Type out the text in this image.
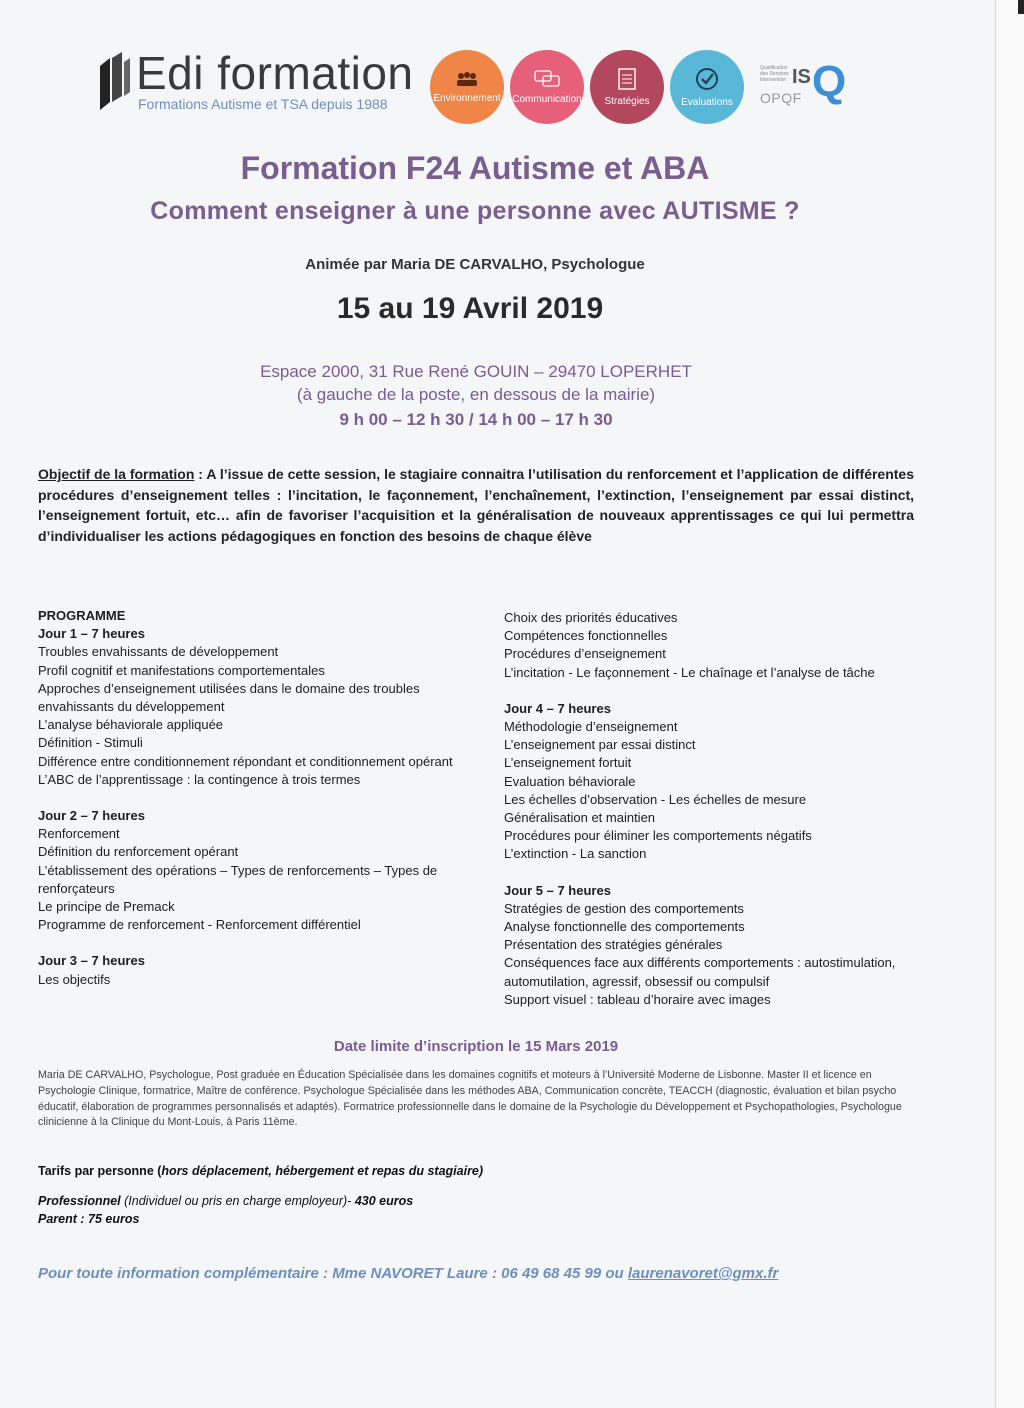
Edi formation
Formations Autisme et TSA depuis 1988	Environnement Communication Stratégies	Evaluations
Qualification des Services Intervention IS
OPQF Q
Formation F24 Autisme et ABA
Comment enseigner à une personne avec AUTISME ?
Animée par Maria DE CARVALHO, Psychologue
15 au 19 Avril 2019
Espace 2000, 31 Rue René GOUIN – 29470 LOPERHET
(à gauche de la poste, en dessous de la mairie)
9 h 00 – 12 h 30 / 14 h 00 – 17 h 30
Objectif de la formation : A l’issue de cette session, le stagiaire connaitra l’utilisation du renforcement et l’application de différentes procédures d’enseignement telles : l’incitation, le façonnement, l’enchaînement, l’extinction, l’enseignement par essai distinct, l’enseignement fortuit, etc… afin de favoriser l’acquisition et la généralisation de nouveaux apprentissages ce qui lui permettra d’individualiser les actions pédagogiques en fonction des besoins de chaque élève

PROGRAMME

Jour 1 – 7 heures

Troubles envahissants de développement

Profil cognitif et manifestations comportementales

Approches d’enseignement utilisées dans le domaine des troubles envahissants du développement

L’analyse béhaviorale appliquée

Définition - Stimuli

Différence entre conditionnement répondant et conditionnement opérant

L’ABC de l’apprentissage : la contingence à trois termes

Jour 2 – 7 heures

Renforcement

Définition du renforcement opérant

L’établissement des opérations – Types de renforcements – Types de renforçateurs

Le principe de Premack

Programme de renforcement - Renforcement différentiel

Jour 3 – 7 heures

Les objectifs

Choix des priorités éducatives

Compétences fonctionnelles

Procédures d’enseignement

L’incitation - Le façonnement - Le chaînage et l’analyse de tâche

Jour 4 – 7 heures

Méthodologie d’enseignement

L’enseignement par essai distinct

L’enseignement fortuit

Evaluation béhaviorale

Les échelles d’observation - Les échelles de mesure

Généralisation et maintien

Procédures pour éliminer les comportements négatifs

L’extinction - La sanction

Jour 5 – 7 heures

Stratégies de gestion des comportements

Analyse fonctionnelle des comportements

Présentation des stratégies générales

Conséquences face aux différents comportements : autostimulation, automutilation, agressif, obsessif ou compulsif

Support visuel : tableau d’horaire avec images

Date limite d’inscription le 15 Mars 2019
Maria DE CARVALHO, Psychologue, Post graduée en Éducation Spécialisée dans les domaines cognitifs et moteurs à l’Université Moderne de Lisbonne. Master II et licence en Psychologie Clinique, formatrice, Maître de conférence. Psychologue Spécialisée dans les méthodes ABA, Communication concrète, TEACCH (diagnostic, évaluation et bilan psycho éducatif, élaboration de programmes personnalisés et adaptés). Formatrice professionnelle dans le domaine de la Psychologie du Développement et Psychopathologies, Psychologue clinicienne à la Clinique du Mont-Louis, à Paris 11ème.
Tarifs par personne (hors déplacement, hébergement et repas du stagiaire)
Professionnel (Individuel ou pris en charge employeur)- 430 euros
Parent : 75 euros
Pour toute information complémentaire : Mme NAVORET Laure : 06 49 68 45 99 ou laurenavoret@gmx.fr
